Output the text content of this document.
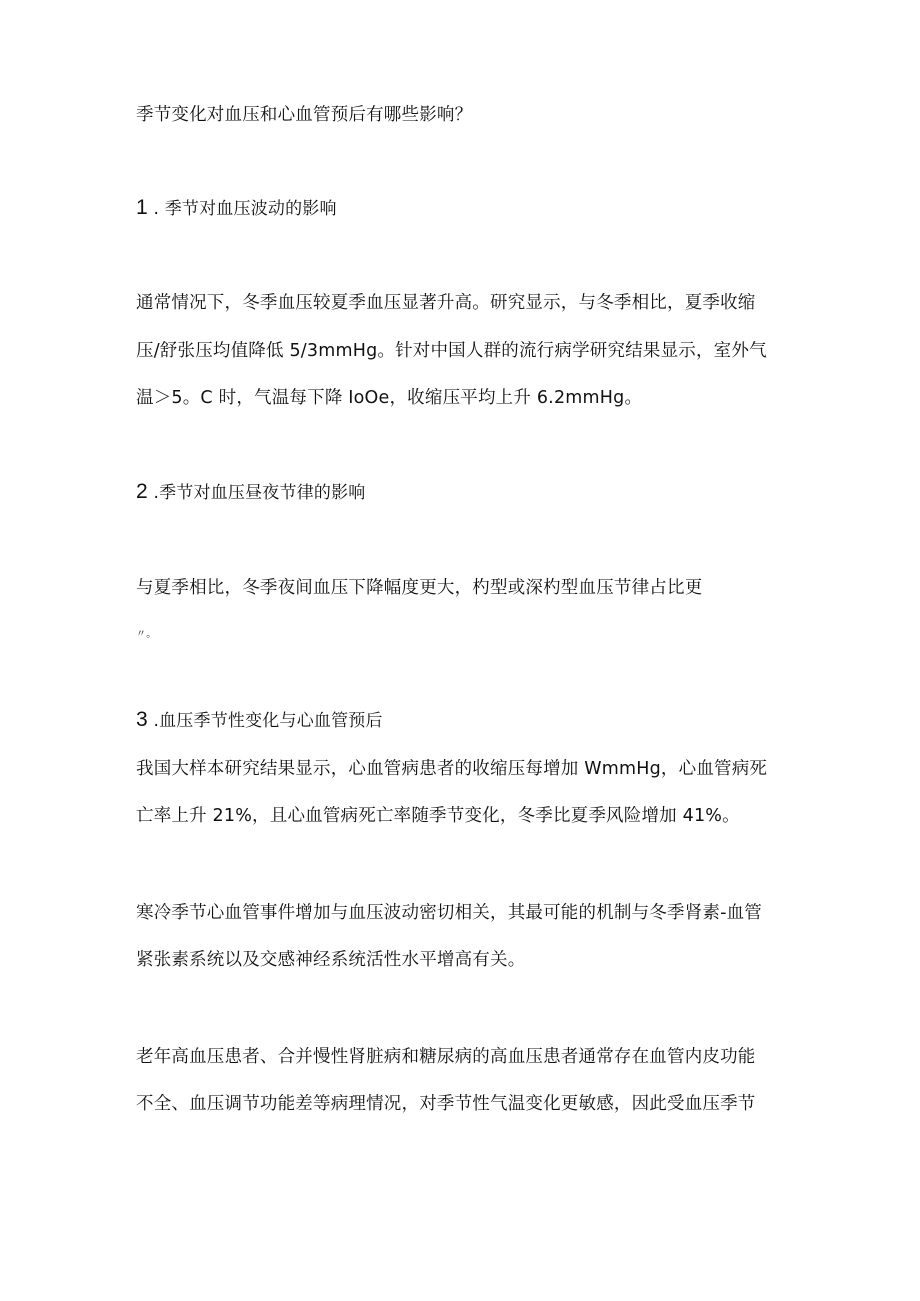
季节变化对血压和心血管预后有哪些影响？
1 . 季节对血压波动的影响
通常情况下，冬季血压较夏季血压显著升高。研究显示，与冬季相比，夏季收缩
压/舒张压均值降低 5/3mmHg。针对中国人群的流行病学研究结果显示，室外气
温＞5。C 时，气温每下降 IoOe，收缩压平均上升 6.2mmHg。
2 .季节对血压昼夜节律的影响
与夏季相比，冬季夜间血压下降幅度更大，杓型或深杓型血压节律占比更
〃。
3 .血压季节性变化与心血管预后
我国大样本研究结果显示，心血管病患者的收缩压每增加 WmmHg，心血管病死
亡率上升 21%，且心血管病死亡率随季节变化，冬季比夏季风险增加 41%。
寒冷季节心血管事件增加与血压波动密切相关，其最可能的机制与冬季肾素-血管
紧张素系统以及交感神经系统活性水平增高有关。
老年高血压患者、合并慢性肾脏病和糖尿病的高血压患者通常存在血管内皮功能
不全、血压调节功能差等病理情况，对季节性气温变化更敏感，因此受血压季节
